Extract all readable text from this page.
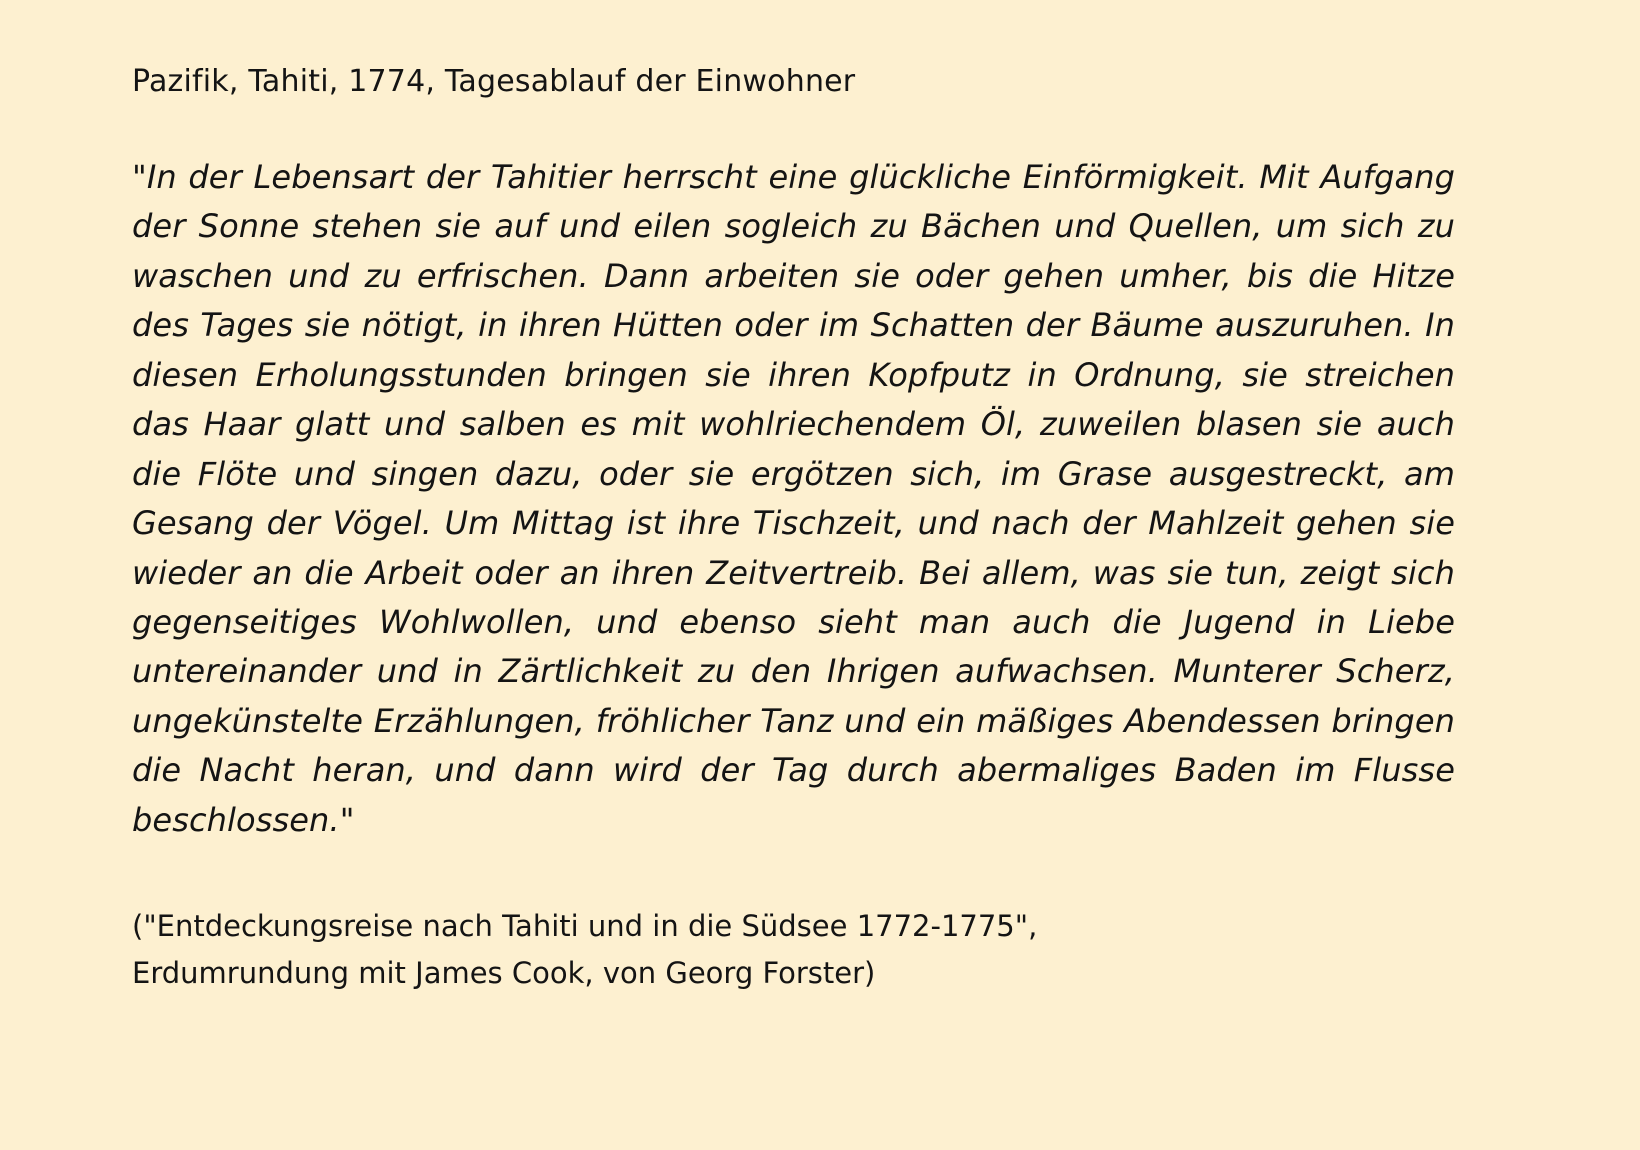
Pazifik, Tahiti, 1774, Tagesablauf der Einwohner

"In der Lebensart der Tahitier herrscht eine glückliche Einförmigkeit. Mit Aufgang der Sonne stehen sie auf und eilen sogleich zu Bächen und Quellen, um sich zu waschen und zu erfrischen. Dann arbeiten sie oder gehen umher, bis die Hitze des Tages sie nötigt, in ihren Hütten oder im Schatten der Bäume auszuruhen. In diesen Erholungsstunden bringen sie ihren Kopfputz in Ordnung, sie streichen das Haar glatt und salben es mit wohlriechendem Öl, zuweilen blasen sie auch die Flöte und singen dazu, oder sie ergötzen sich, im Grase ausgestreckt, am Gesang der Vögel. Um Mittag ist ihre Tischzeit, und nach der Mahlzeit gehen sie wieder an die Arbeit oder an ihren Zeitvertreib. Bei allem, was sie tun, zeigt sich gegenseitiges Wohlwollen, und ebenso sieht man auch die Jugend in Liebe untereinander und in Zärtlichkeit zu den Ihrigen aufwachsen. Munterer Scherz, ungekünstelte Erzählungen, fröhlicher Tanz und ein mäßiges Abendessen bringen die Nacht heran, und dann wird der Tag durch abermaliges Baden im Flusse beschlossen."

("Entdeckungsreise nach Tahiti und in die Südsee 1772-1775",
Erdumrundung mit James Cook, von Georg Forster)
